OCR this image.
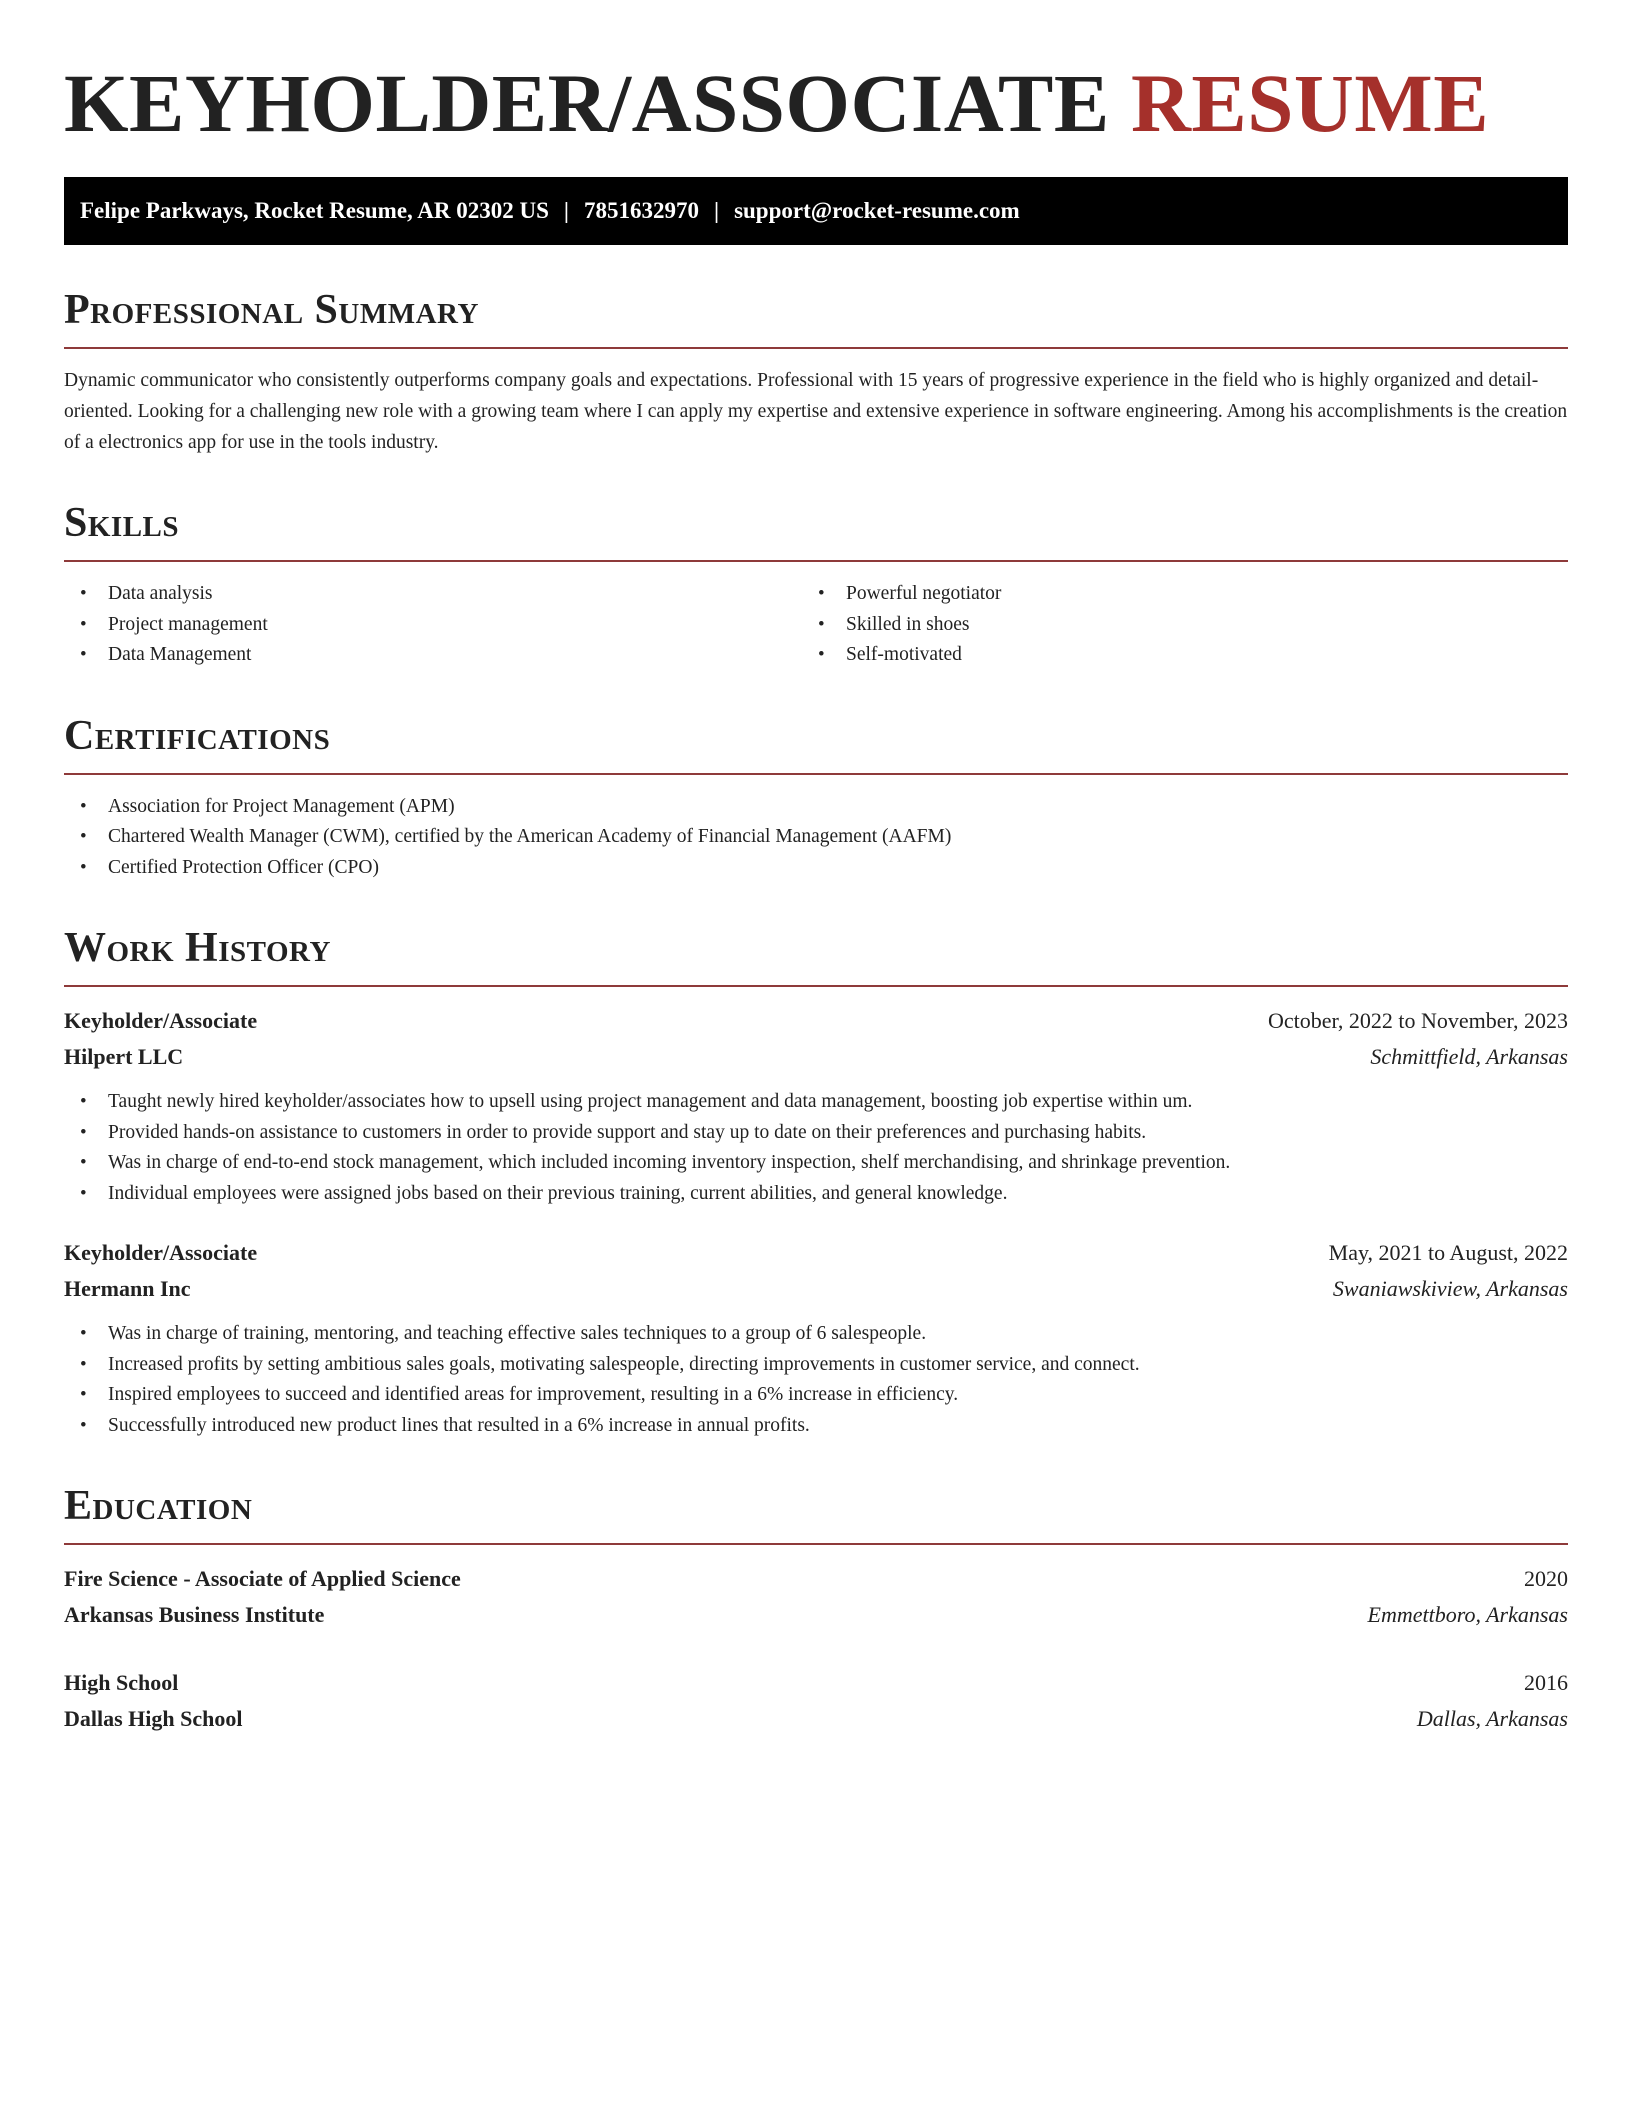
KEYHOLDER/ASSOCIATE RESUME
Felipe Parkways, Rocket Resume, AR 02302 US | 7851632970 | support@rocket-resume.com
Professional Summary

Dynamic communicator who consistently outperforms company goals and expectations. Professional with 15 years of progressive experience in the field who is highly organized and detail-oriented. Looking for a challenging new role with a growing team where I can apply my expertise and extensive experience in software engineering. Among his accomplishments is the creation of a electronics app for use in the tools industry.

Skills
• Data analysis
• Project management
• Data Management
• Powerful negotiator
• Skilled in shoes
• Self-motivated
Certifications
• Association for Project Management (APM)
• Chartered Wealth Manager (CWM), certified by the American Academy of Financial Management (AAFM)
• Certified Protection Officer (CPO)
Work History
Keyholder/Associate	October, 2022 to November, 2023
Hilpert LLC	Schmittfield, Arkansas
• Taught newly hired keyholder/associates how to upsell using project management and data management, boosting job expertise within um.
• Provided hands-on assistance to customers in order to provide support and stay up to date on their preferences and purchasing habits.
• Was in charge of end-to-end stock management, which included incoming inventory inspection, shelf merchandising, and shrinkage prevention.
• Individual employees were assigned jobs based on their previous training, current abilities, and general knowledge.
Keyholder/Associate	May, 2021 to August, 2022
Hermann Inc	Swaniawskiview, Arkansas
• Was in charge of training, mentoring, and teaching effective sales techniques to a group of 6 salespeople.
• Increased profits by setting ambitious sales goals, motivating salespeople, directing improvements in customer service, and connect.
• Inspired employees to succeed and identified areas for improvement, resulting in a 6% increase in efficiency.
• Successfully introduced new product lines that resulted in a 6% increase in annual profits.
Education
Fire Science - Associate of Applied Science	2020
Arkansas Business Institute	Emmettboro, Arkansas
High School	2016
Dallas High School	Dallas, Arkansas
